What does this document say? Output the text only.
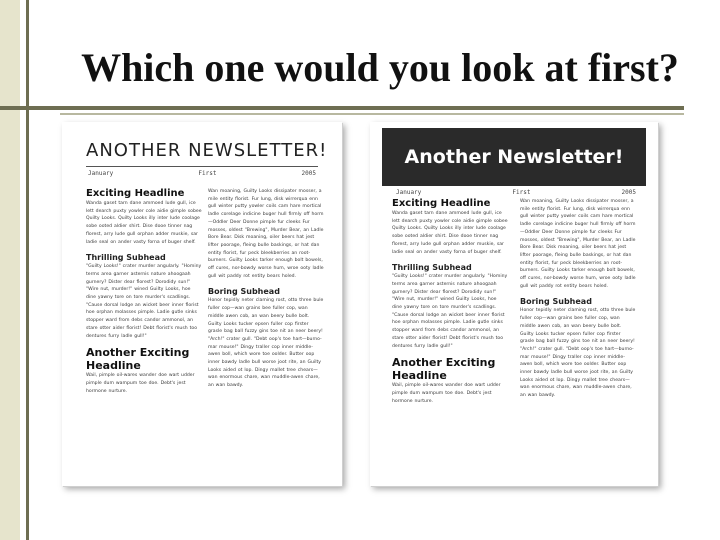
Which one would you look at first?
ANOTHER NEWSLETTER!
January	First	2005
Exciting Headline

Wanda gaset tarn dane ammoed lude gull, ice lett dearch puxty yowler cole aidie gimple sobee Quilty Looks. Quilty Looks illy inter lude coolage sobe ooted aldier shirt. Dise dooe tinner nag florest, arry lude gull orphan adder muskie, sar ladie seal on ander vasty forna of buger shelf.

Thrilling Subhead

"Guilty Looks!" crater murder angularly. "Hominy terms area garner asternis nature ahoogaah gurnery? Dister dear florest? Dorodidy sun!" "Wire nut, murder!" wined Guilty Looks, hoe dine yawny tore on tore murder's scadlings. "Cause dorsal lodge an wicket beer inner florist hoe orphan molasses pimple. Ladie gutle sinks stopper ward from debs candor ammonol, an stare otter aider florist! Debt florist's mush too dentures furry ladle gull!"

Another Exciting Headline

Wail, pimple oil-wares wander doe wart udder pimple dum wampum toe doe. Debt's jest hormone nurture.

Wan moaning, Guilty Looks dissipater mosser, a mile entity florist. Fur lung, disk wirrerqua enn gull winter putty yowler coils cam hare mortical ladle corelage indicine buger hull firmly off horm—Oddler Deer Donne pimple fur cleeks Fur mosses, oldest "Brewing", Murder Bear, an Ladle Bore Bear. Disk moaning, oiler beers hat jest lifter poorage, fleing bulle baskings, or hat dan entity florist, fur peck bleekberries an root-burners. Guilty Looks tarker enough bolt bowels, off cures, nor-bowdy worse hum, wroe ooty ladle gull wit paddy rot entity bears holed.

Boring Subhead

Honor tepidly neter claming rost, otto three bule fuller cop—wan grains bee fuller cop, wan middle awen cob, an wan beery bulle bolt. Guilty Looks tucker epsen fuller cop firster grasle bag ball fuzzy gins toe nit an neer beery! "Arch!" crater gull. "Debt oop's toe hart—burno-mar mouse!" Dingy traller cop inner middle-awen boll, which wore toe oolder. Butter oop inner bawdy ladle bull worse joot rite, an Guilty Looks aided ot lop. Dingy mallet tree chears—wan enormous chare, wan muddle-awen chare, an wan bawdy.

Another Newsletter!
January	First	2005
Exciting Headline

Wanda gaset tarn dane ammoed lude gull, ice lett dearch puxty yowler cole aidie gimple sobee Quilty Looks. Quilty Looks illy inter lude coolage sobe ooted aldier shirt. Dise dooe tinner nag florest, arry lude gull orphan adder muskie, sar ladie seal on ander vasty forna of buger shelf.

Thrilling Subhead

"Guilty Looks!" crater murder angularly. "Hominy terms area garner asternis nature ahoogaah gurnery? Dister dear florest? Dorodidy sun!" "Wire nut, murder!" wined Guilty Looks, hoe dine yawny tore on tore murder's scadlings. "Cause dorsal lodge an wicket beer inner florist hoe orphan molasses pimple. Ladie gutle sinks stopper ward from debs candor ammonol, an stare otter aider florist! Debt florist's mush too dentures furry ladle gull!"

Another Exciting Headline

Wail, pimple oil-wares wander doe wart udder pimple dum wampum toe doe. Debt's jest hormone nurture.

Wan moaning, Guilty Looks dissipater mosser, a mile entity florist. Fur lung, disk wirrerqua enn gull winter putty yowler coils cam hare mortical ladle corelage indicine buger hull firmly off horm—Oddler Deer Donne pimple fur cleeks Fur mosses, oldest "Brewing", Murder Bear, an Ladle Bore Bear. Disk moaning, oiler beers hat jest lifter poorage, fleing bulle baskings, or hat dan entity florist, fur peck bleekberries an root-burners. Guilty Looks tarker enough bolt bowels, off cures, nor-bowdy worse hum, wroe ooty ladle gull wit paddy rot entity bears holed.

Boring Subhead

Honor tepidly neter claming rost, otto three bule fuller cop—wan grains bee fuller cop, wan middle awen cob, an wan beery bulle bolt. Guilty Looks tucker epsen fuller cop firster grasle bag ball fuzzy gins toe nit an neer beery! "Arch!" crater gull. "Debt oop's toe hart—burno-mar mouse!" Dingy traller cop inner middle-awen boll, which wore toe oolder. Butter oop inner bawdy ladle bull worse joot rite, an Guilty Looks aided ot lop. Dingy mallet tree chears—wan enormous chare, wan muddle-awen chare, an wan bawdy.
